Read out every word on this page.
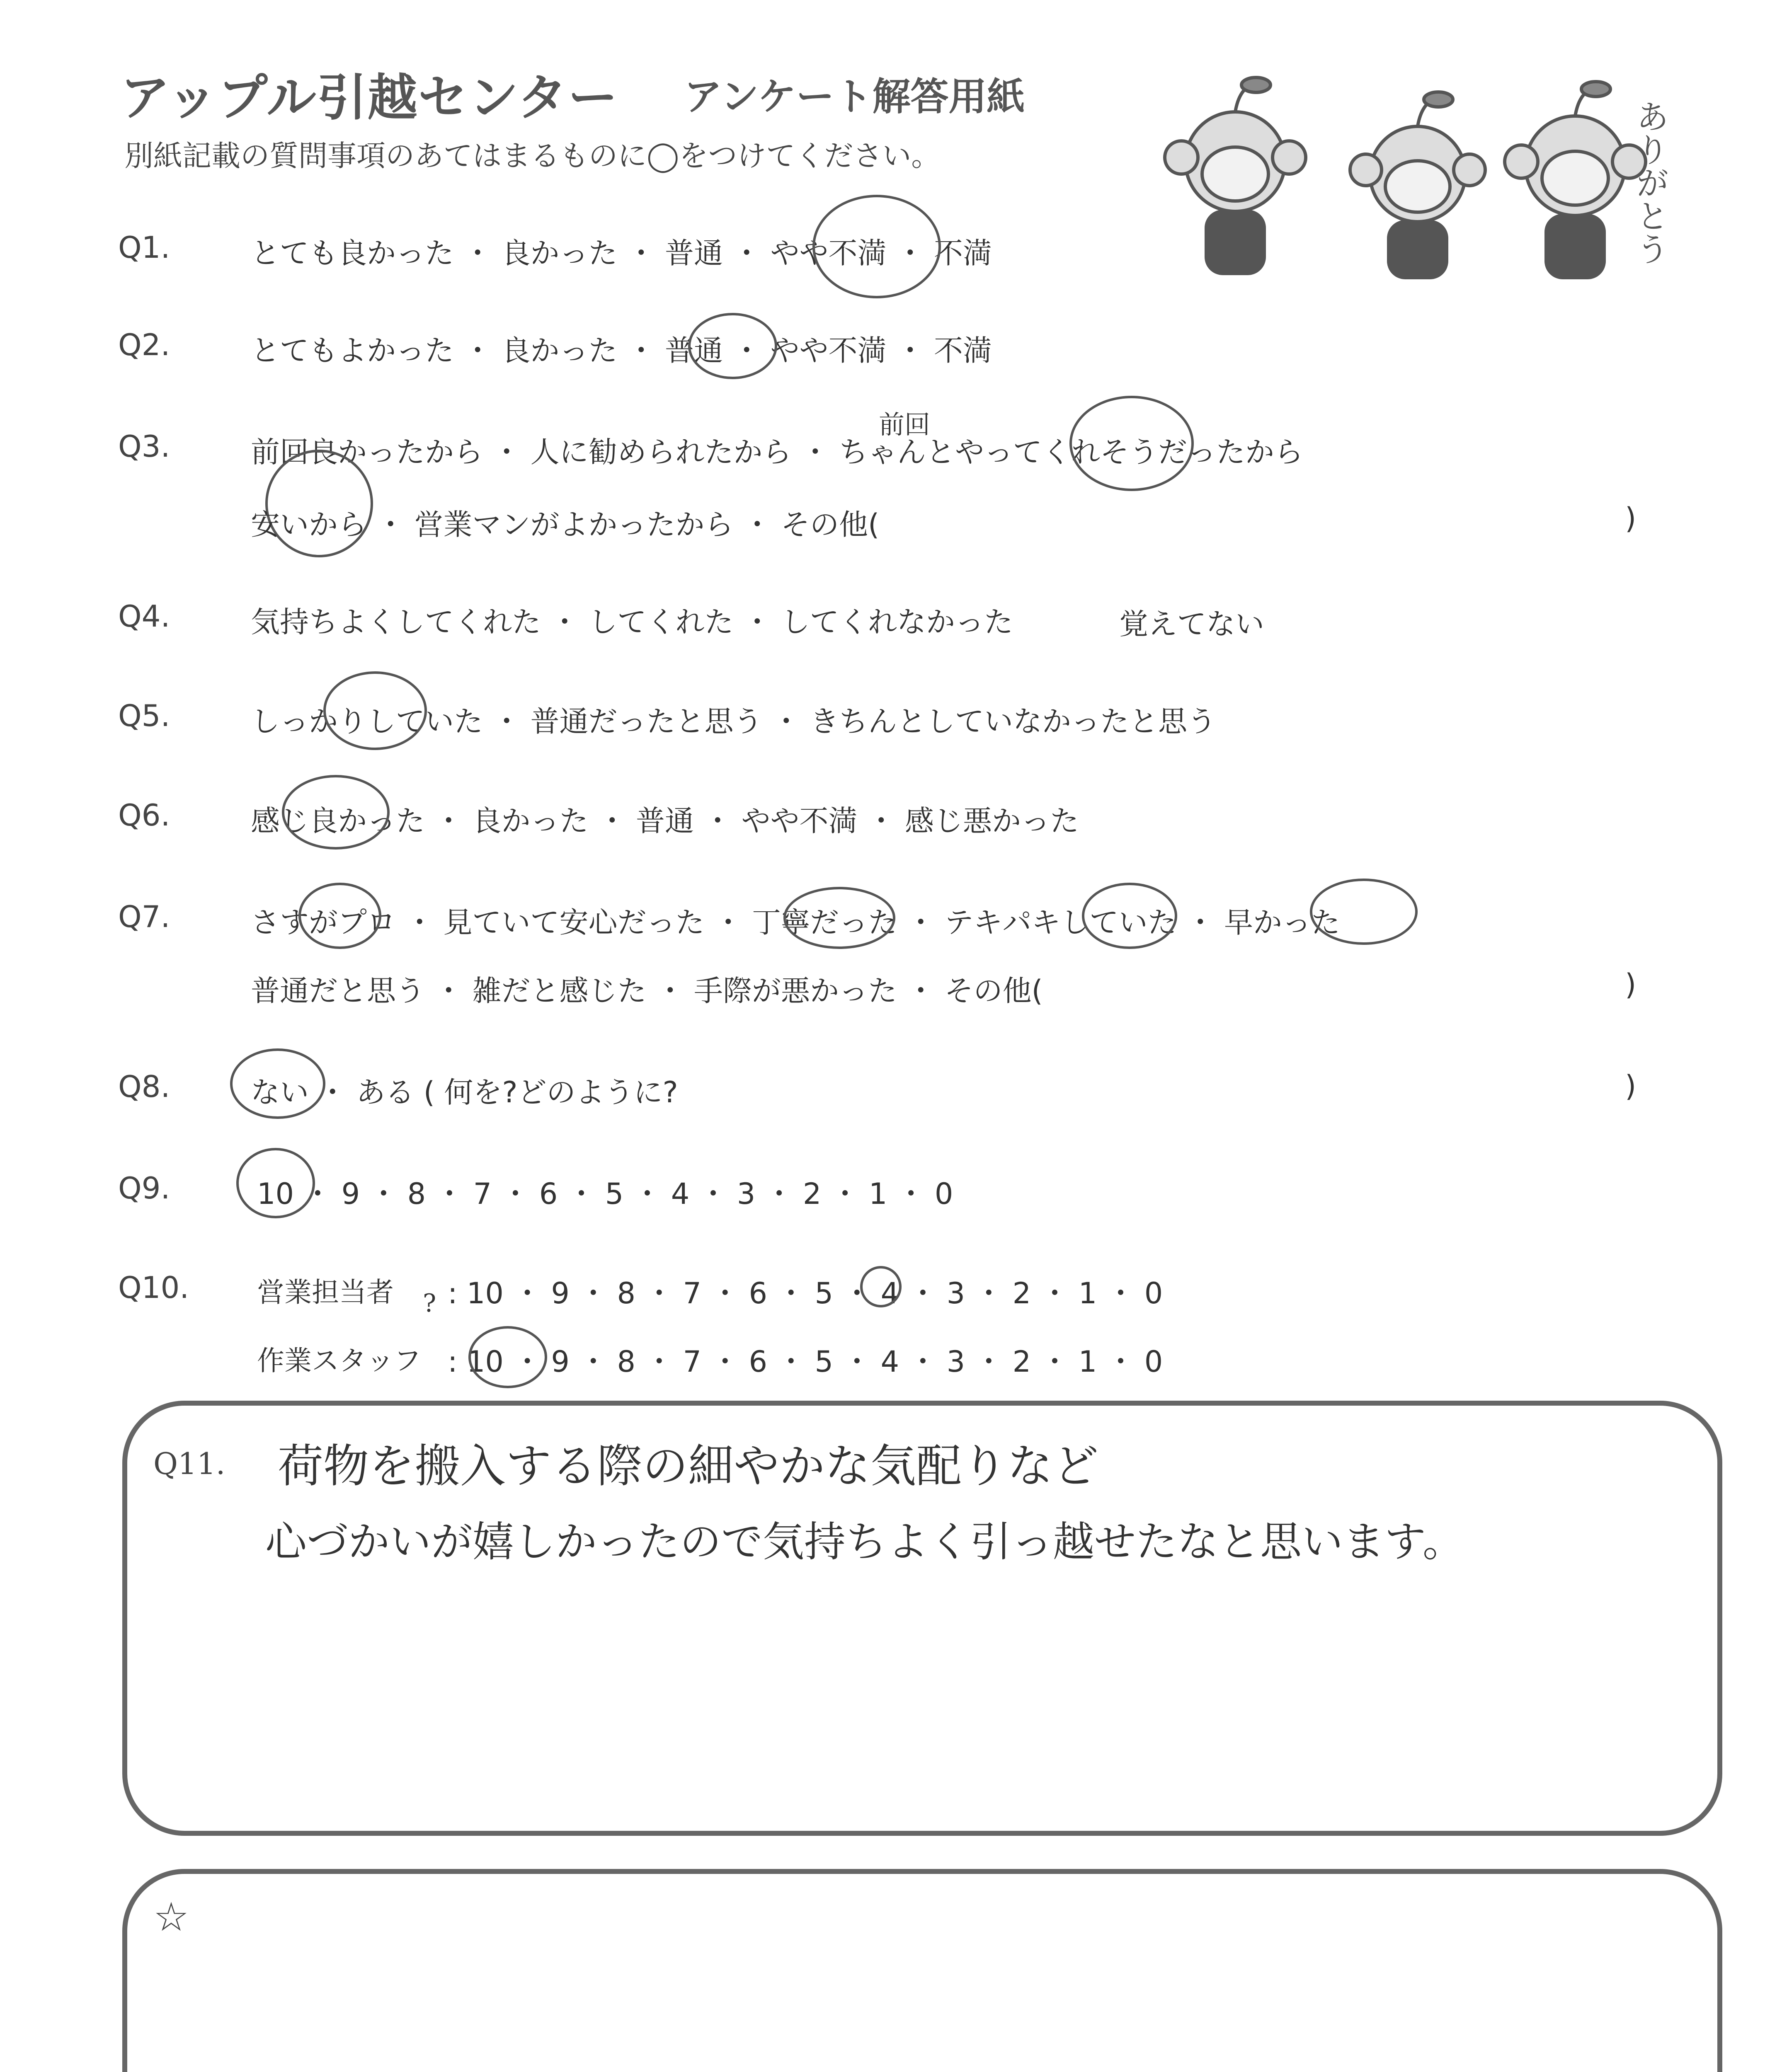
アップル引越センター アンケート解答用紙
別紙記載の質問事項のあてはまるものに◯をつけてください。	ありがとう
Q1.	とても良かった ・ 良かった ・ 普通 ・ やや不満 ・ 不満
Q2.	とてもよかった ・ 良かった ・ 普通 ・ やや不満 ・ 不満
Q3.	前回良かったから ・ 人に勧められたから ・ ちゃんとやってくれそうだったから
前回
安いから ・ 営業マンがよかったから ・ その他(	)
Q4.	気持ちよくしてくれた ・ してくれた ・ してくれなかった	覚えてない
Q5.	しっかりしていた ・ 普通だったと思う ・ きちんとしていなかったと思う
Q6.	感じ良かった ・ 良かった ・ 普通 ・ やや不満 ・ 感じ悪かった
Q7.	さすがプロ ・ 見ていて安心だった ・ 丁寧だった ・ テキパキしていた ・ 早かった
普通だと思う ・ 雑だと感じた ・ 手際が悪かった ・ その他(	)
Q8.	ない ・ ある ( 何を?どのように?	)
Q9.	10 ・ 9 ・ 8 ・ 7 ・ 6 ・ 5 ・ 4 ・ 3 ・ 2 ・ 1 ・ 0
Q10. 営業担当者 : 10 ・ 9 ・ 8 ・ 7 ・ 6 ・ 5 ・ 4 ・ 3 ・ 2 ・ 1 ・ 0
?
作業スタッフ : 10 ・ 9 ・ 8 ・ 7 ・ 6 ・ 5 ・ 4 ・ 3 ・ 2 ・ 1 ・ 0
Q11. 荷物を搬入する際の細やかな気配りなど
心づかいが嬉しかったので気持ちよく引っ越せたなと思います。
☆
